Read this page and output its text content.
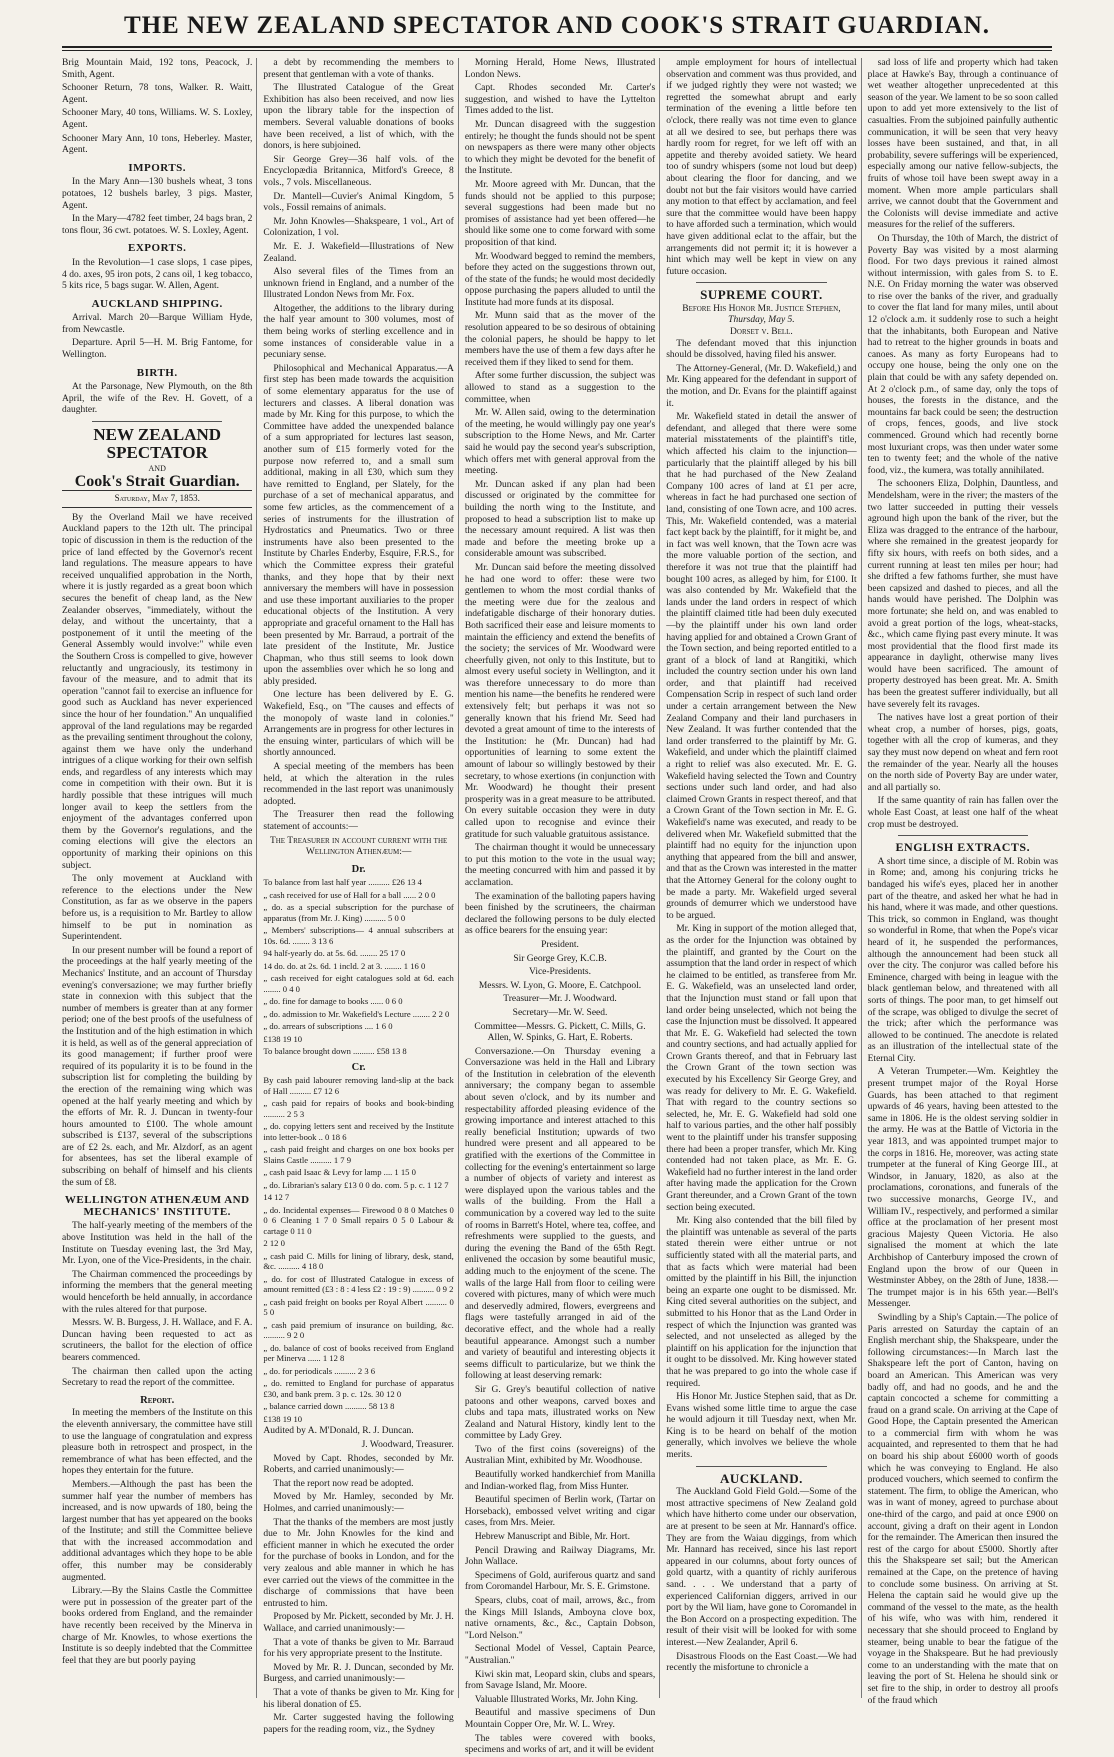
THE NEW ZEALAND SPECTATOR AND COOK'S STRAIT GUARDIAN.

Brig Mountain Maid, 192 tons, Peacock, J. Smith, Agent.

Schooner Return, 78 tons, Walker. R. Waitt, Agent.

Schooner Mary, 40 tons, Williams. W. S. Loxley, Agent.

Schooner Mary Ann, 10 tons, Heberley. Master, Agent.

IMPORTS.

In the Mary Ann—130 bushels wheat, 3 tons potatoes, 12 bushels barley, 3 pigs. Master, Agent.

In the Mary—4782 feet timber, 24 bags bran, 2 tons flour, 36 cwt. potatoes. W. S. Loxley, Agent.

EXPORTS.

In the Revolution—1 case slops, 1 case pipes, 4 do. axes, 95 iron pots, 2 cans oil, 1 keg tobacco, 5 kits rice, 5 bags sugar. W. Allen, Agent.

AUCKLAND SHIPPING.

Arrival. March 20—Barque William Hyde, from Newcastle.

Departure. April 5—H. M. Brig Fantome, for Wellington.

BIRTH.

At the Parsonage, New Plymouth, on the 8th April, the wife of the Rev. H. Govett, of a daughter.

NEW ZEALAND SPECTATOR
AND
Cook's Strait Guardian.
Saturday, May 7, 1853.

By the Overland Mail we have received Auckland papers to the 12th ult. The principal topic of discussion in them is the reduction of the price of land effected by the Governor's recent land regulations. The measure appears to have received unqualified approbation in the North, where it is justly regarded as a great boon which secures the benefit of cheap land, as the New Zealander observes, "immediately, without the delay, and without the uncertainty, that a postponement of it until the meeting of the General Assembly would involve:" while even the Southern Cross is compelled to give, however reluctantly and ungraciously, its testimony in favour of the measure, and to admit that its operation "cannot fail to exercise an influence for good such as Auckland has never experienced since the hour of her foundation." An unqualified approval of the land regulations may be regarded as the prevailing sentiment throughout the colony, against them we have only the underhand intrigues of a clique working for their own selfish ends, and regardless of any interests which may come in competition with their own. But it is hardly possible that these intrigues will much longer avail to keep the settlers from the enjoyment of the advantages conferred upon them by the Governor's regulations, and the coming elections will give the electors an opportunity of marking their opinions on this subject.

The only movement at Auckland with reference to the elections under the New Constitution, as far as we observe in the papers before us, is a requisition to Mr. Bartley to allow himself to be put in nomination as Superintendent.

In our present number will be found a report of the proceedings at the half yearly meeting of the Mechanics' Institute, and an account of Thursday evening's conversazione; we may further briefly state in connexion with this subject that the number of members is greater than at any former period; one of the best proofs of the usefulness of the Institution and of the high estimation in which it is held, as well as of the general appreciation of its good management; if further proof were required of its popularity it is to be found in the subscription list for completing the building by the erection of the remaining wing which was opened at the half yearly meeting and which by the efforts of Mr. R. J. Duncan in twenty-four hours amounted to £100. The whole amount subscribed is £137, several of the subscriptions are of £2 2s. each, and Mr. Alzdorf, as an agent for absentees, has set the liberal example of subscribing on behalf of himself and his clients the sum of £8.

WELLINGTON ATHENÆUM AND MECHANICS' INSTITUTE.

The half-yearly meeting of the members of the above Institution was held in the hall of the Institute on Tuesday evening last, the 3rd May, Mr. Lyon, one of the Vice-Presidents, in the chair.

The Chairman commenced the proceedings by informing the members that the general meeting would henceforth be held annually, in accordance with the rules altered for that purpose.

Messrs. W. B. Burgess, J. H. Wallace, and F. A. Duncan having been requested to act as scrutineers, the ballot for the election of office bearers commenced.

The chairman then called upon the acting Secretary to read the report of the committee.

Report.

In meeting the members of the Institute on this the eleventh anniversary, the committee have still to use the language of congratulation and express pleasure both in retrospect and prospect, in the remembrance of what has been effected, and the hopes they entertain for the future.

Members.—Although the past has been the summer half year the number of members has increased, and is now upwards of 180, being the largest number that has yet appeared on the books of the Institute; and still the Committee believe that with the increased accommodation and additional advantages which they hope to be able offer, this number may be considerably augmented.

Library.—By the Slains Castle the Committee were put in possession of the greater part of the books ordered from England, and the remainder have recently been received by the Minerva in charge of Mr. Knowles, to whose exertions the Institute is so deeply indebted that the Committee feel that they are but poorly paying

a debt by recommending the members to present that gentleman with a vote of thanks.

The Illustrated Catalogue of the Great Exhibition has also been received, and now lies upon the library table for the inspection of members. Several valuable donations of books have been received, a list of which, with the donors, is here subjoined.

Sir George Grey—36 half vols. of the Encyclopædia Britannica, Mitford's Greece, 8 vols., 7 vols. Miscellaneous.

Dr. Mantell—Cuvier's Animal Kingdom, 5 vols., Fossil remains of animals.

Mr. John Knowles—Shakspeare, 1 vol., Art of Colonization, 1 vol.

Mr. E. J. Wakefield—Illustrations of New Zealand.

Also several files of the Times from an unknown friend in England, and a number of the Illustrated London News from Mr. Fox.

Altogether, the additions to the library during the half year amount to 300 volumes, most of them being works of sterling excellence and in some instances of considerable value in a pecuniary sense.

Philosophical and Mechanical Apparatus.—A first step has been made towards the acquisition of some elementary apparatus for the use of lecturers and classes. A liberal donation was made by Mr. King for this purpose, to which the Committee have added the unexpended balance of a sum appropriated for lectures last season, another sum of £15 formerly voted for the purpose now referred to, and a small sum additional, making in all £30, which sum they have remitted to England, per Slately, for the purchase of a set of mechanical apparatus, and some few articles, as the commencement of a series of instruments for the illustration of Hydrostatics and Pneumatics. Two or three instruments have also been presented to the Institute by Charles Enderby, Esquire, F.R.S., for which the Committee express their grateful thanks, and they hope that by their next anniversary the members will have in possession and use these important auxiliaries to the proper educational objects of the Institution. A very appropriate and graceful ornament to the Hall has been presented by Mr. Barraud, a portrait of the late president of the Institute, Mr. Justice Chapman, who thus still seems to look down upon the assemblies over which he so long and ably presided.

One lecture has been delivered by E. G. Wakefield, Esq., on "The causes and effects of the monopoly of waste land in colonies." Arrangements are in progress for other lectures in the ensuing winter, particulars of which will be shortly announced.

A special meeting of the members has been held, at which the alteration in the rules recommended in the last report was unanimously adopted.

The Treasurer then read the following statement of accounts:—

The Treasurer in account current with the Wellington Athenæum:—

Dr.

To balance from last half year .......... £26 13 4

„ cash received for use of Hall for a ball ...... 2 0 0

„ do. as a special subscription for the purchase of apparatus (from Mr. J. King) .......... 5 0 0

„ Members' subscriptions— 4 annual subscribers at 10s. 6d. ........ 3 13 6

94 half-yearly do. at 5s. 6d. ........ 25 17 0

14 do. do. at 2s. 6d. 1 incld. 2 at 3. ........ 1 16 0

„ cash received for eight catalogues sold at 6d. each ........ 0 4 0

„ do. fine for damage to books ...... 0 6 0

„ do. admission to Mr. Wakefield's Lecture ........ 2 2 0

„ do. arrears of subscriptions .... 1 6 0

£138 19 10

To balance brought down .......... £58 13 8

Cr.

By cash paid labourer removing land-slip at the back of Hall .......... £7 12 6

„ cash paid for repairs of books and book-binding .......... 2 5 3

„ do. copying letters sent and received by the Institute into letter-book .. 0 18 6

„ cash paid freight and charges on one box books per Slains Castle .......... 1 7 9

„ cash paid Isaac & Levy for lamp .... 1 15 0

„ do. Librarian's salary £13 0 0 do. com. 5 p. c. 1 12 7

14 12 7

„ do. Incidental expenses— Firewood 0 8 0 Matches 0 0 6 Cleaning 1 7 0 Small repairs 0 5 0 Labour & cartage 0 11 0

2 12 0

„ cash paid C. Mills for lining of library, desk, stand, &c. .......... 4 18 0

„ do. for cost of Illustrated Catalogue in excess of amount remitted (£3 : 8 : 4 less £2 : 19 : 9) .......... 0 9 2

„ cash paid freight on books per Royal Albert .......... 0 5 0

„ cash paid premium of insurance on building, &c. .......... 9 2 0

„ do. balance of cost of books received from England per Minerva ...... 1 12 8

„ do. for periodicals .......... 2 3 6

„ do. remitted to England for purchase of apparatus £30, and bank prem. 3 p. c. 12s. 30 12 0

„ balance carried down .......... 58 13 8

£138 19 10

Audited by A. M'Donald, R. J. Duncan.

J. Woodward, Treasurer.

Moved by Capt. Rhodes, seconded by Mr. Roberts, and carried unanimously:—

That the report now read be adopted.

Moved by Mr. Hamley, seconded by Mr. Holmes, and carried unanimously:—

That the thanks of the members are most justly due to Mr. John Knowles for the kind and efficient manner in which he executed the order for the purchase of books in London, and for the very zealous and able manner in which he has ever carried out the views of the committee in the discharge of commissions that have been entrusted to him.

Proposed by Mr. Pickett, seconded by Mr. J. H. Wallace, and carried unanimously:—

That a vote of thanks be given to Mr. Barraud for his very appropriate present to the Institute.

Moved by Mr. R. J. Duncan, seconded by Mr. Burgess, and carried unanimously:—

That a vote of thanks be given to Mr. King for his liberal donation of £5.

Mr. Carter suggested having the following papers for the reading room, viz., the Sydney

Morning Herald, Home News, Illustrated London News.

Capt. Rhodes seconded Mr. Carter's suggestion, and wished to have the Lyttelton Times added to the list.

Mr. Duncan disagreed with the suggestion entirely; he thought the funds should not be spent on newspapers as there were many other objects to which they might be devoted for the benefit of the Institute.

Mr. Moore agreed with Mr. Duncan, that the funds should not be applied to this purpose; several suggestions had been made but no promises of assistance had yet been offered—he should like some one to come forward with some proposition of that kind.

Mr. Woodward begged to remind the members, before they acted on the suggestions thrown out, of the state of the funds; he would most decidedly oppose purchasing the papers alluded to until the Institute had more funds at its disposal.

Mr. Munn said that as the mover of the resolution appeared to be so desirous of obtaining the colonial papers, he should be happy to let members have the use of them a few days after he received them if they liked to send for them.

After some further discussion, the subject was allowed to stand as a suggestion to the committee, when

Mr. W. Allen said, owing to the determination of the meeting, he would willingly pay one year's subscription to the Home News, and Mr. Carter said he would pay the second year's subscription, which offers met with general approval from the meeting.

Mr. Duncan asked if any plan had been discussed or originated by the committee for building the north wing to the Institute, and proposed to head a subscription list to make up the necessary amount required. A list was then made and before the meeting broke up a considerable amount was subscribed.

Mr. Duncan said before the meeting dissolved he had one word to offer: these were two gentlemen to whom the most cordial thanks of the meeting were due for the zealous and indefatigable discharge of their honorary duties. Both sacrificed their ease and leisure moments to maintain the efficiency and extend the benefits of the society; the services of Mr. Woodward were cheerfully given, not only to this Institute, but to almost every useful society in Wellington, and it was therefore unnecessary to do more than mention his name—the benefits he rendered were extensively felt; but perhaps it was not so generally known that his friend Mr. Seed had devoted a great amount of time to the interests of the Institution: he (Mr. Duncan) had had opportunities of learning to some extent the amount of labour so willingly bestowed by their secretary, to whose exertions (in conjunction with Mr. Woodward) he thought their present prosperity was in a great measure to be attributed. On every suitable occasion they were in duty called upon to recognise and evince their gratitude for such valuable gratuitous assistance.

The chairman thought it would be unnecessary to put this motion to the vote in the usual way; the meeting concurred with him and passed it by acclamation.

The examination of the balloting papers having been finished by the scrutineers, the chairman declared the following persons to be duly elected as office bearers for the ensuing year:

President.

Sir George Grey, K.C.B.

Vice-Presidents.

Messrs. W. Lyon, G. Moore, E. Catchpool.

Treasurer—Mr. J. Woodward.

Secretary—Mr. W. Seed.

Committee—Messrs. G. Pickett, C. Mills, G. Allen, W. Spinks, G. Hart, E. Roberts.

Conversazione.—On Thursday evening a Conversazione was held in the Hall and Library of the Institution in celebration of the eleventh anniversary; the company began to assemble about seven o'clock, and by its number and respectability afforded pleasing evidence of the growing importance and interest attached to this really beneficial Institution; upwards of two hundred were present and all appeared to be gratified with the exertions of the Committee in collecting for the evening's entertainment so large a number of objects of variety and interest as were displayed upon the various tables and the walls of the building. From the Hall a communication by a covered way led to the suite of rooms in Barrett's Hotel, where tea, coffee, and refreshments were supplied to the guests, and during the evening the Band of the 65th Regt. enlivened the occasion by some beautiful music, adding much to the enjoyment of the scene. The walls of the large Hall from floor to ceiling were covered with pictures, many of which were much and deservedly admired, flowers, evergreens and flags were tastefully arranged in aid of the decorative effect, and the whole had a really beautiful appearance. Amongst such a number and variety of beautiful and interesting objects it seems difficult to particularize, but we think the following at least deserving remark:

Sir G. Grey's beautiful collection of native patoons and other weapons, carved boxes and clubs and tapa mats, illustrated works on New Zealand and Natural History, kindly lent to the committee by Lady Grey.

Two of the first coins (sovereigns) of the Australian Mint, exhibited by Mr. Woodhouse.

Beautifully worked handkerchief from Manilla and Indian-worked flag, from Miss Hunter.

Beautiful specimen of Berlin work, (Tartar on Horseback), embossed velvet writing and cigar cases, from Mrs. Meier.

Hebrew Manuscript and Bible, Mr. Hort.

Pencil Drawing and Railway Diagrams, Mr. John Wallace.

Specimens of Gold, auriferous quartz and sand from Coromandel Harbour, Mr. S. E. Grimstone.

Spears, clubs, coat of mail, arrows, &c., from the Kings Mill Islands, Amboyna clove box, native ornaments, &c., &c., Captain Dobson, "Lord Nelson."

Sectional Model of Vessel, Captain Pearce, "Australian."

Kiwi skin mat, Leopard skin, clubs and spears, from Savage Island, Mr. Moore.

Valuable Illustrated Works, Mr. John King.

Beautiful and massive specimens of Dun Mountain Copper Ore, Mr. W. L. Wrey.

The tables were covered with books, specimens and works of art, and it will be evident

ample employment for hours of intellectual observation and comment was thus provided, and if we judged rightly they were not wasted; we regretted the somewhat abrupt and early termination of the evening a little before ten o'clock, there really was not time even to glance at all we desired to see, but perhaps there was hardly room for regret, for we left off with an appetite and thereby avoided satiety. We heard too of sundry whispers (some not loud but deep) about clearing the floor for dancing, and we doubt not but the fair visitors would have carried any motion to that effect by acclamation, and feel sure that the committee would have been happy to have afforded such a termination, which would have given additional eclat to the affair, but the arrangements did not permit it; it is however a hint which may well be kept in view on any future occasion.

SUPREME COURT.
Before His Honor Mr. Justice Stephen,
Thursday, May 5.
Dorset v. Bell.

The defendant moved that this injunction should be dissolved, having filed his answer.

The Attorney-General, (Mr. D. Wakefield,) and Mr. King appeared for the defendant in support of the motion, and Dr. Evans for the plaintiff against it.

Mr. Wakefield stated in detail the answer of defendant, and alleged that there were some material misstatements of the plaintiff's title, which affected his claim to the injunction—particularly that the plaintiff alleged by his bill that he had purchased of the New Zealand Company 100 acres of land at £1 per acre, whereas in fact he had purchased one section of land, consisting of one Town acre, and 100 acres. This, Mr. Wakefield contended, was a material fact kept back by the plaintiff, for it might be, and in fact was well known, that the Town acre was the more valuable portion of the section, and therefore it was not true that the plaintiff had bought 100 acres, as alleged by him, for £100. It was also contended by Mr. Wakefield that the lands under the land orders in respect of which the plaintiff claimed title had been duly executed—by the plaintiff under his own land order having applied for and obtained a Crown Grant of the Town section, and being reported entitled to a grant of a block of land at Rangitiki, which included the country section under his own land order, and that plaintiff had received Compensation Scrip in respect of such land order under a certain arrangement between the New Zealand Company and their land purchasers in New Zealand. It was further contended that the land order transferred to the plaintiff by Mr. G. Wakefield, and under which the plaintiff claimed a right to relief was also executed. Mr. E. G. Wakefield having selected the Town and Country sections under such land order, and had also claimed Crown Grants in respect thereof, and that a Crown Grant of the Town section in Mr. E. G. Wakefield's name was executed, and ready to be delivered when Mr. Wakefield submitted that the plaintiff had no equity for the injunction upon anything that appeared from the bill and answer, and that as the Crown was interested in the matter that the Attorney General for the colony ought to be made a party. Mr. Wakefield urged several grounds of demurrer which we understood have to be argued.

Mr. King in support of the motion alleged that, as the order for the Injunction was obtained by the plaintiff, and granted by the Court on the assumption that the land order in respect of which he claimed to be entitled, as transferee from Mr. E. G. Wakefield, was an unselected land order, that the Injunction must stand or fall upon that land order being unselected, which not being the case the Injunction must be dissolved. It appeared that Mr. E. G. Wakefield had selected the town and country sections, and had actually applied for Crown Grants thereof, and that in February last the Crown Grant of the town section was executed by his Excellency Sir George Grey, and was ready for delivery to Mr. E. G. Wakefield. That with regard to the country sections so selected, he, Mr. E. G. Wakefield had sold one half to various parties, and the other half possibly went to the plaintiff under his transfer supposing there had been a proper transfer, which Mr. King contended had not taken place, as Mr. E. G. Wakefield had no further interest in the land order after having made the application for the Crown Grant thereunder, and a Crown Grant of the town section being executed.

Mr. King also contended that the bill filed by the plaintiff was untenable as several of the parts stated therein were either untrue or not sufficiently stated with all the material parts, and that as facts which were material had been omitted by the plaintiff in his Bill, the injunction being an exparte one ought to be dismissed. Mr. King cited several authorities on the subject, and submitted to his Honor that as the Land Order in respect of which the Injunction was granted was selected, and not unselected as alleged by the plaintiff on his application for the injunction that it ought to be dissolved. Mr. King however stated that he was prepared to go into the whole case if required.

His Honor Mr. Justice Stephen said, that as Dr. Evans wished some little time to argue the case he would adjourn it till Tuesday next, when Mr. King is to be heard on behalf of the motion generally, which involves we believe the whole merits.

AUCKLAND.

The Auckland Gold Field Gold.—Some of the most attractive specimens of New Zealand gold which have hitherto come under our observation, are at present to be seen at Mr. Hannard's office. They are from the Waiau diggings, from which Mr. Hannard has received, since his last report appeared in our columns, about forty ounces of gold quartz, with a quantity of richly auriferous sand. . . . We understand that a party of experienced Californian diggers, arrived in our port by the Wil liam, have gone to Coromandel in the Bon Accord on a prospecting expedition. The result of their visit will be looked for with some interest.—New Zealander, April 6.

Disastrous Floods on the East Coast.—We had recently the misfortune to chronicle a

sad loss of life and property which had taken place at Hawke's Bay, through a continuance of wet weather altogether unprecedented at this season of the year. We lament to be so soon called upon to add yet more extensively to the list of casualties. From the subjoined painfully authentic communication, it will be seen that very heavy losses have been sustained, and that, in all probability, severe sufferings will be experienced, especially among our native fellow-subjects, the fruits of whose toil have been swept away in a moment. When more ample particulars shall arrive, we cannot doubt that the Government and the Colonists will devise immediate and active measures for the relief of the sufferers.

On Thursday, the 10th of March, the district of Poverty Bay was visited by a most alarming flood. For two days previous it rained almost without intermission, with gales from S. to E. N.E. On Friday morning the water was observed to rise over the banks of the river, and gradually to cover the flat land for many miles, until about 12 o'clock a.m. it suddenly rose to such a height that the inhabitants, both European and Native had to retreat to the higher grounds in boats and canoes. As many as forty Europeans had to occupy one house, being the only one on the plain that could be with any safety depended on. At 2 o'clock p.m., of same day, only the tops of houses, the forests in the distance, and the mountains far back could be seen; the destruction of crops, fences, goods, and live stock commenced. Ground which had recently borne most luxuriant crops, was then under water some ten to twenty feet; and the whole of the native food, viz., the kumera, was totally annihilated.

The schooners Eliza, Dolphin, Dauntless, and Mendelsham, were in the river; the masters of the two latter succeeded in putting their vessels aground high upon the bank of the river, but the Eliza was dragged to the entrance of the harbour, where she remained in the greatest jeopardy for fifty six hours, with reefs on both sides, and a current running at least ten miles per hour; had she drifted a few fathoms further, she must have been capsized and dashed to pieces, and all the hands would have perished. The Dolphin was more fortunate; she held on, and was enabled to avoid a great portion of the logs, wheat-stacks, &c., which came flying past every minute. It was most providential that the flood first made its appearance in daylight, otherwise many lives would have been sacrificed. The amount of property destroyed has been great. Mr. A. Smith has been the greatest sufferer individually, but all have severely felt its ravages.

The natives have lost a great portion of their wheat crop, a number of horses, pigs, goats, together with all the crop of kumeras, and they say they must now depend on wheat and fern root the remainder of the year. Nearly all the houses on the north side of Poverty Bay are under water, and all partially so.

If the same quantity of rain has fallen over the whole East Coast, at least one half of the wheat crop must be destroyed.

ENGLISH EXTRACTS.

A short time since, a disciple of M. Robin was in Rome; and, among his conjuring tricks he bandaged his wife's eyes, placed her in another part of the theatre, and asked her what he had in his hand, where it was made, and other questions. This trick, so common in England, was thought so wonderful in Rome, that when the Pope's vicar heard of it, he suspended the performances, although the announcement had been stuck all over the city. The conjuror was called before his Eminence, charged with being in league with the black gentleman below, and threatened with all sorts of things. The poor man, to get himself out of the scrape, was obliged to divulge the secret of the trick; after which the performance was allowed to be continued. The anecdote is related as an illustration of the intellectual state of the Eternal City.

A Veteran Trumpeter.—Wm. Keightley the present trumpet major of the Royal Horse Guards, has been attached to that regiment upwards of 46 years, having been attested to the same in 1806. He is the oldest serving soldier in the army. He was at the Battle of Victoria in the year 1813, and was appointed trumpet major to the corps in 1816. He, moreover, was acting state trumpeter at the funeral of King George III., at Windsor, in January, 1820, as also at the proclamations, coronations, and funerals of the two successive monarchs, George IV., and William IV., respectively, and performed a similar office at the proclamation of her present most gracious Majesty Queen Victoria. He also signalised the moment at which the late Archbishop of Canterbury imposed the crown of England upon the brow of our Queen in Westminster Abbey, on the 28th of June, 1838.—The trumpet major is in his 65th year.—Bell's Messenger.

Swindling by a Ship's Captain.—The police of Paris arrested on Saturday the captain of an English merchant ship, the Shakspeare, under the following circumstances:—In March last the Shakspeare left the port of Canton, having on board an American. This American was very badly off, and had no goods, and he and the captain concocted a scheme for committing a fraud on a grand scale. On arriving at the Cape of Good Hope, the Captain presented the American to a commercial firm with whom he was acquainted, and represented to them that he had on board his ship about £6000 worth of goods which he was conveying to England. He also produced vouchers, which seemed to confirm the statement. The firm, to oblige the American, who was in want of money, agreed to purchase about one-third of the cargo, and paid at once £900 on account, giving a draft on their agent in London for the remainder. The American then insured the rest of the cargo for about £5000. Shortly after this the Shakspeare set sail; but the American remained at the Cape, on the pretence of having to conclude some business. On arriving at St. Helena the captain said he would give up the command of the vessel to the mate, as the health of his wife, who was with him, rendered it necessary that she should proceed to England by steamer, being unable to bear the fatigue of the voyage in the Shakspeare. But he had previously come to an understanding with the mate that on leaving the port of St. Helena he should sink or set fire to the ship, in order to destroy all proofs of the fraud which
